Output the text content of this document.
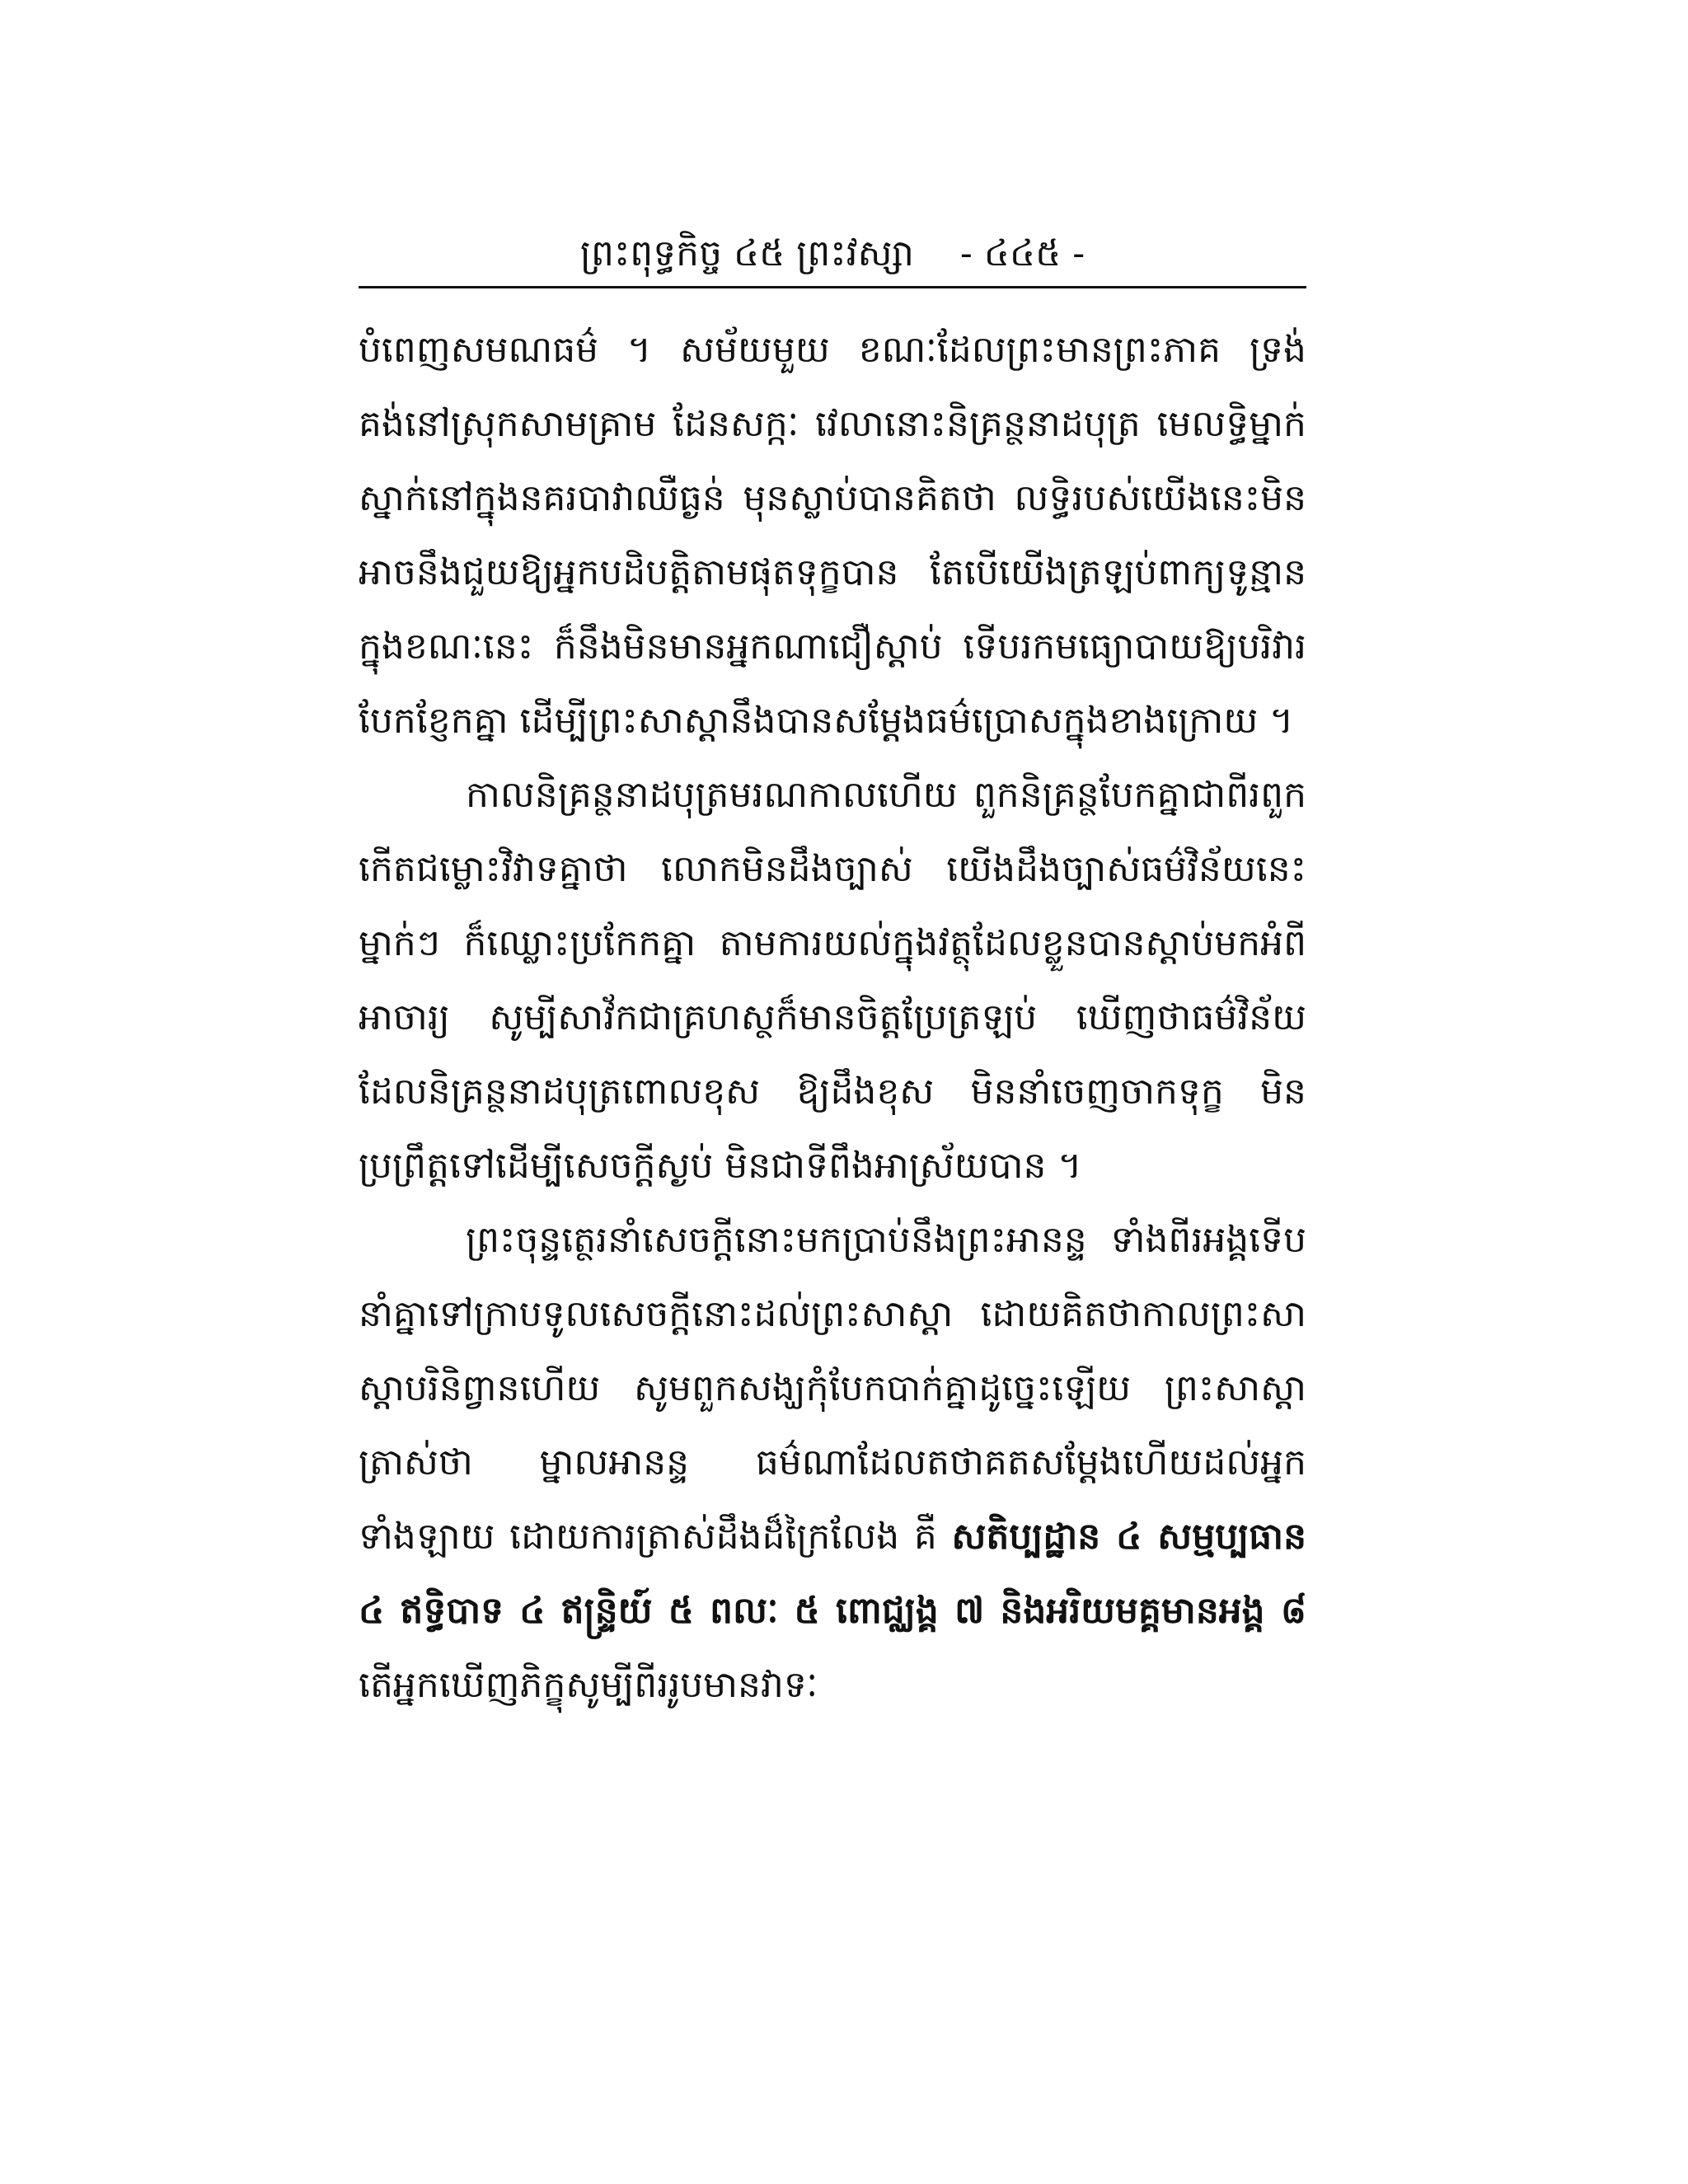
ព្រះពុទ្ធកិច្ច ៤៥ ព្រះវស្សា - ៤៤៥ -

បំពេញសមណធម៌ ។ សម័យមួយ ខណៈដែលព្រះមានព្រះភាគ ទ្រង់គង់នៅស្រុកសាមគ្រាម ដែនសក្កៈ វេលានោះនិគ្រន្ថនាដបុត្រ មេលទ្ធិម្នាក់ស្នាក់នៅក្នុងនគរបាវាឈឺធ្ងន់ មុនស្លាប់បានគិតថា លទ្ធិរបស់យើងនេះមិនអាចនឹងជួយឱ្យអ្នកបដិបត្តិតាមផុតទុក្ខបាន តែបើយើងត្រឡប់ពាក្យទូន្មានក្នុងខណៈនេះ ក៏នឹងមិនមានអ្នកណាជឿស្តាប់ ទើបរកមធ្យោបាយឱ្យបរិវារបែកខ្ញែកគ្នា ដើម្បីព្រះសាស្តានឹងបានសម្តែងធម៌ប្រោសក្នុងខាងក្រោយ ។

កាលនិគ្រន្ថនាដបុត្រមរណកាលហើយ ពួកនិគ្រន្ថបែកគ្នាជាពីរពួក កើតជម្លោះវិវាទគ្នាថា លោកមិនដឹងច្បាស់ យើងដឹងច្បាស់ធម៌វិន័យនេះ ម្នាក់ៗ ក៏ឈ្លោះប្រកែកគ្នា តាមការយល់ក្នុងវត្ថុដែលខ្លួនបានស្តាប់មកអំពីអាចារ្យ សូម្បីសាវ័កជាគ្រហស្ថក៏មានចិត្តប្រែត្រឡប់ ឃើញថាធម៌វិន័យដែលនិគ្រន្ថនាដបុត្រពោលខុស ឱ្យដឹងខុស មិននាំចេញចាកទុក្ខ មិនប្រព្រឹត្តទៅដើម្បីសេចក្តីស្ងប់ មិនជាទីពឹងអាស្រ័យបាន ។

ព្រះចុន្ទត្ថេរនាំសេចក្តីនោះមកប្រាប់នឹងព្រះអានន្ទ ទាំងពីរអង្គទើបនាំគ្នាទៅក្រាបទូលសេចក្តីនោះដល់ព្រះសាស្តា ដោយគិតថាកាលព្រះសាស្តាបរិនិព្វានហើយ សូមពួកសង្ឃកុំបែកបាក់គ្នាដូច្នេះឡើយ ព្រះសាស្តាត្រាស់ថា ម្នាលអានន្ទ ធម៌ណាដែលតថាគតសម្តែងហើយដល់អ្នកទាំងឡាយ ដោយការត្រាស់ដឹងដ៏ក្រៃលែង គឺ សតិប្បដ្ឋាន ៤ សម្មប្បធាន ៤ ឥទ្ធិបាទ ៤ ឥន្ទ្រិយ៍ ៥ ពលៈ ៥ ពោជ្ឈង្គ ៧ និងអរិយមគ្គមានអង្គ ៨ តើអ្នកឃើញភិក្ខុសូម្បីពីររូបមានវាទៈ
